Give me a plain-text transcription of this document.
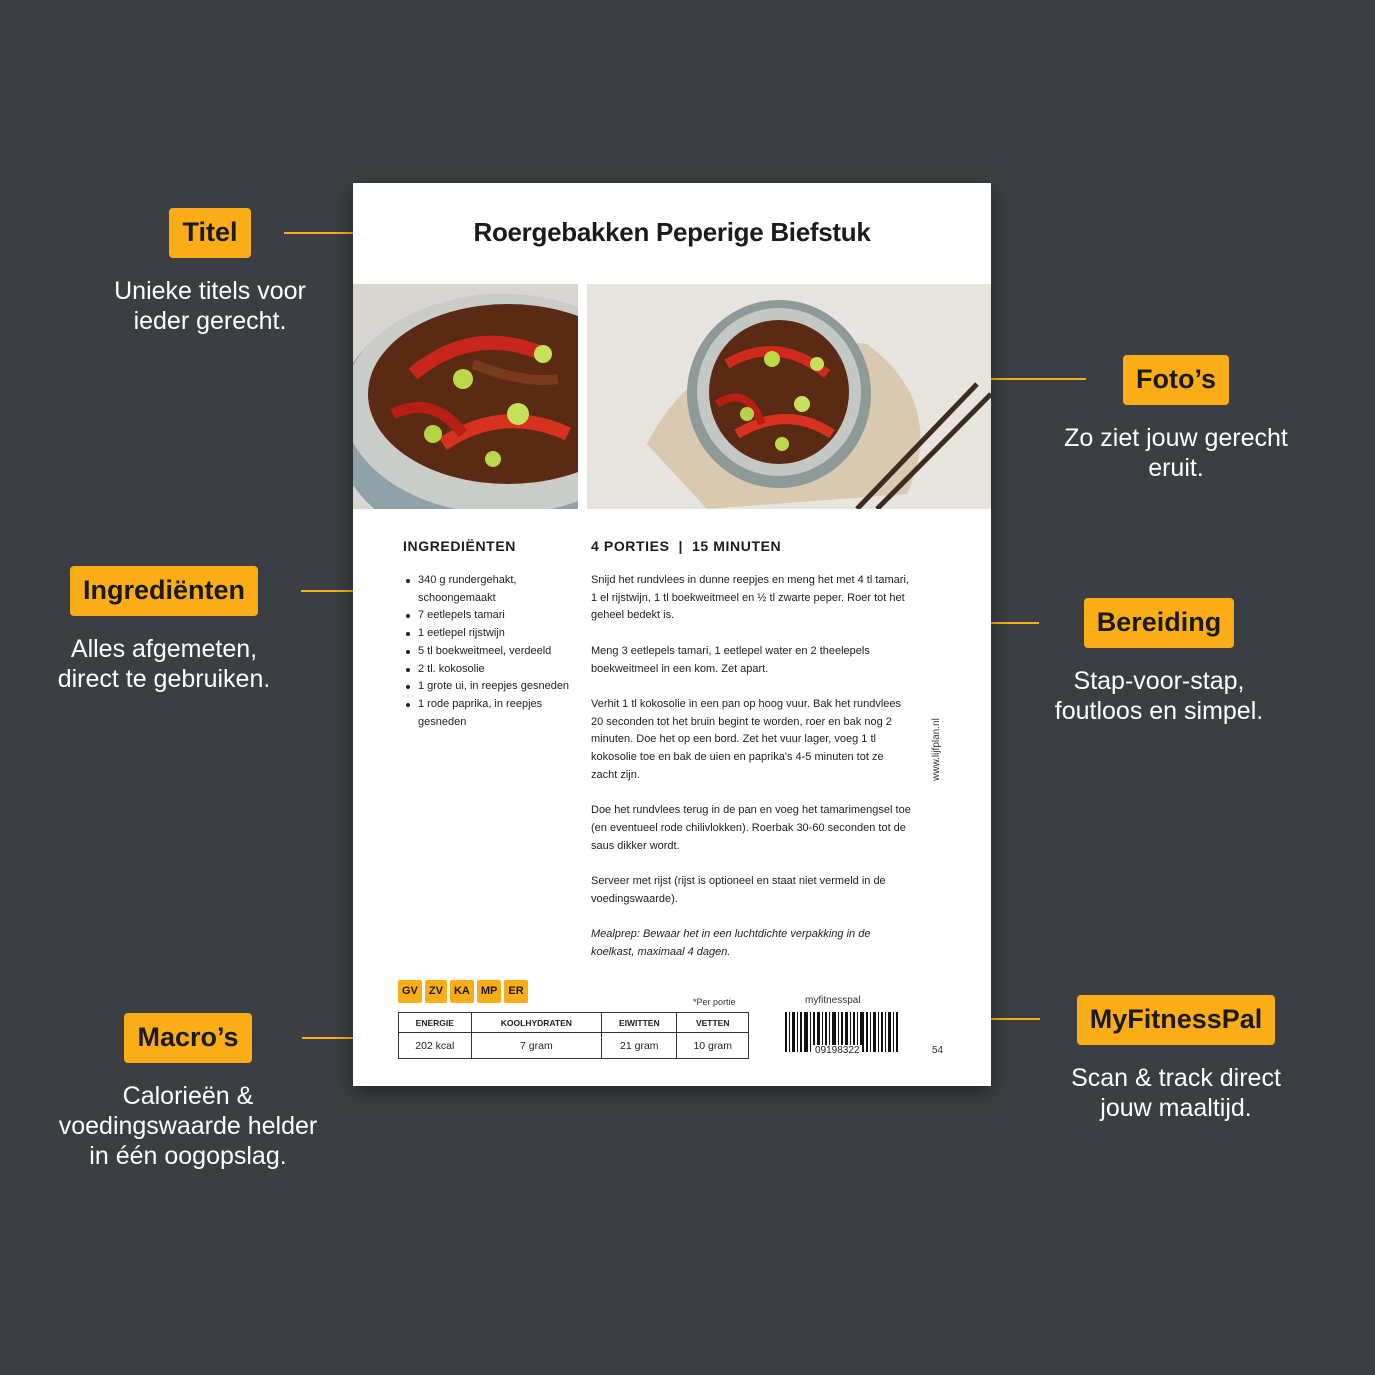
Titel
Unieke titels voor
ieder gerecht.
Foto’s
Zo ziet jouw gerecht
eruit.
Ingrediënten
Alles afgemeten,
direct te gebruiken.
Bereiding
Stap-voor-stap,
foutloos en simpel.
Macro’s
Calorieën &
voedingswaarde helder
in één oogopslag.
MyFitnessPal
Scan & track direct
jouw maaltijd.
Roergebakken Peperige Biefstuk
INGREDIËNTEN	4 PORTIES  |  15 MINUTEN
340 g rundergehakt, schoongemaakt
7 eetlepels tamari
1 eetlepel rijstwijn
5 tl boekweitmeel, verdeeld
2 tl. kokosolie
1 grote ui, in reepjes gesneden
1 rode paprika, in reepjes gesneden

Snijd het rundvlees in dunne reepjes en meng het met 4 tl tamari, 1 el rijstwijn, 1 tl boekweitmeel en ½ tl zwarte peper. Roer tot het geheel bedekt is.

Meng 3 eetlepels tamari, 1 eetlepel water en 2 theelepels boekweitmeel in een kom. Zet apart.

Verhit 1 tl kokosolie in een pan op hoog vuur. Bak het rundvlees 20 seconden tot het bruin begint te worden, roer en bak nog 2 minuten. Doe het op een bord. Zet het vuur lager, voeg 1 tl kokosolie toe en bak de uien en paprika's 4-5 minuten tot ze zacht zijn.

Doe het rundvlees terug in de pan en voeg het tamarimengsel toe (en eventueel rode chilivlokken). Roerbak 30-60 seconden tot de saus dikker wordt.

Serveer met rijst (rijst is optioneel en staat niet vermeld in de voedingswaarde).

Mealprep: Bewaar het in een luchtdichte verpakking in de koelkast, maximaal 4 dagen.

www.lijfplan.nl
GV	ZV	KA	MP	ER
*Per portie
ENERGIE	KOOLHYDRATEN	EIWITTEN	VETTEN
202 kcal	7 gram	21 gram	10 gram
myfitnesspal
09198322	54
